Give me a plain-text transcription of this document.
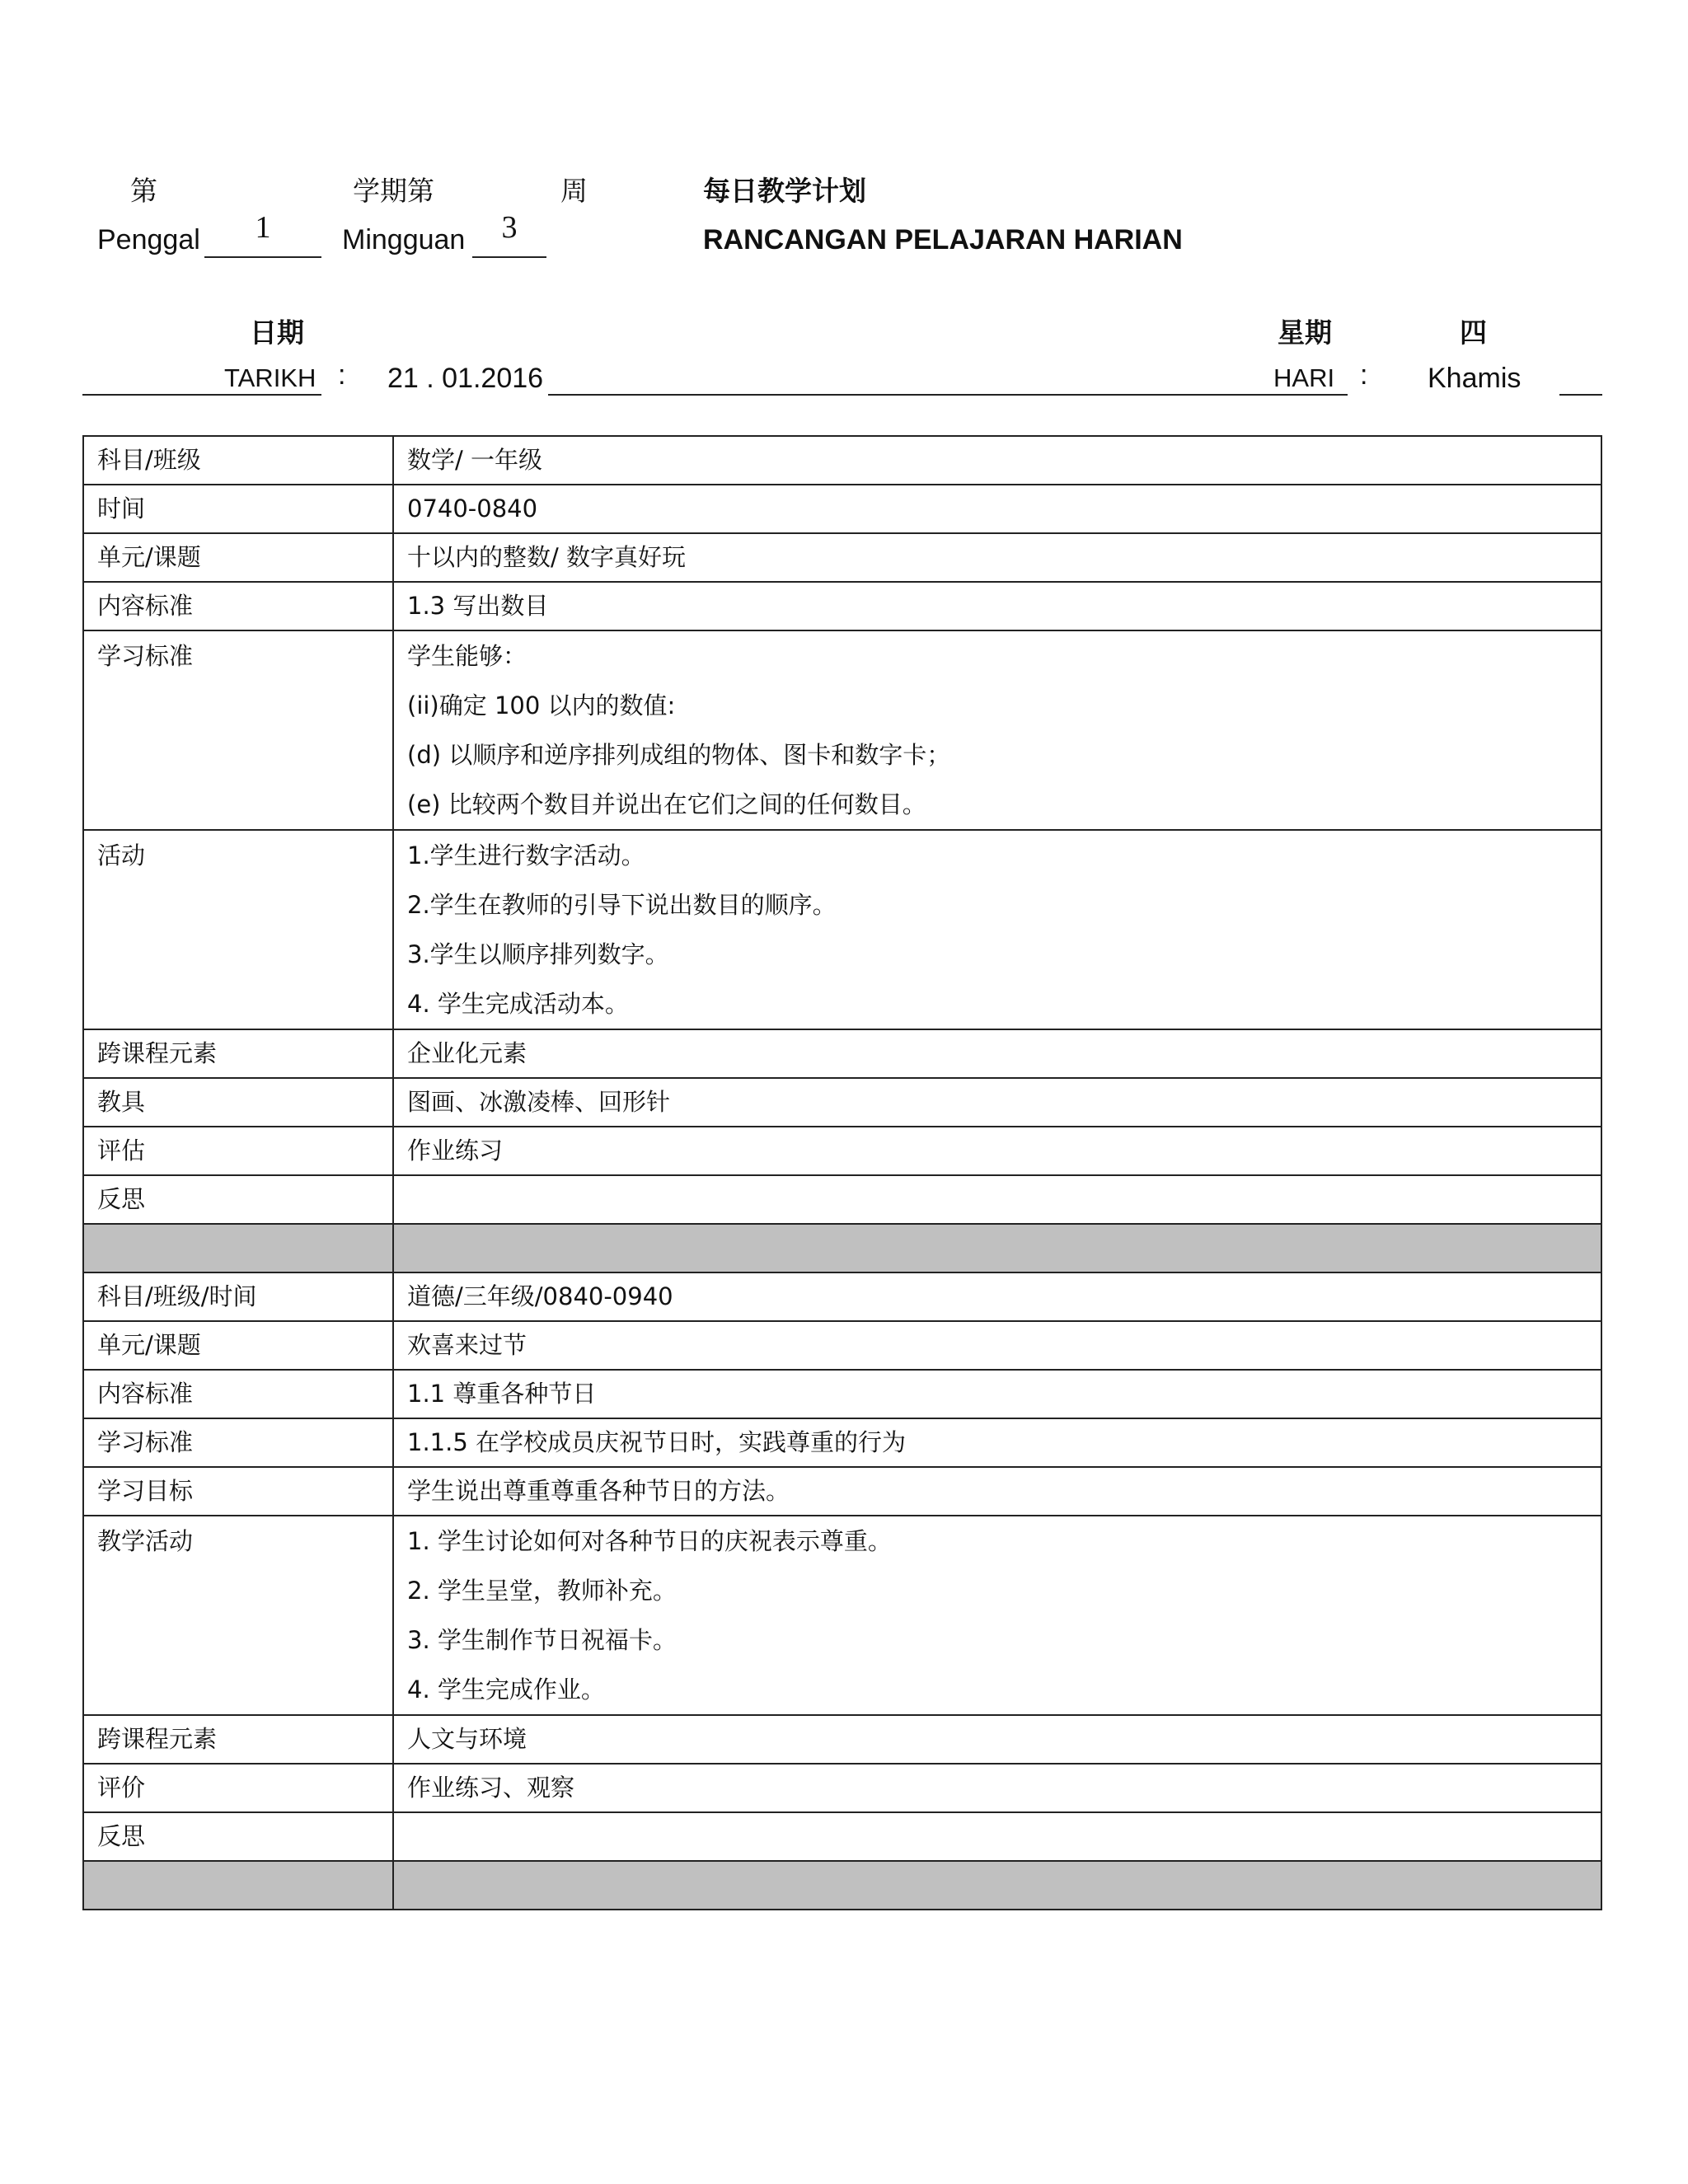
第	学期第	周	每日教学计划
Penggal	1	Mingguan	3	RANCANGAN PELAJARAN HARIAN
日期	星期	四
TARIKH : 21 . 01.2016	HARI : Khamis
科目/班级	数学/ 一年级
时间	0740-0840
单元/课题	十以内的整数/ 数字真好玩
内容标准	1.3 写出数目

学习标准	学生能够：
(ii)确定 100 以内的数值:
(d) 以顺序和逆序排列成组的物体、图卡和数字卡；
(e) 比较两个数目并说出在它们之间的任何数目。

活动	1.学生进行数字活动。
2.学生在教师的引导下说出数目的顺序。
3.学生以顺序排列数字。
4. 学生完成活动本。

跨课程元素	企业化元素
教具	图画、冰激凌棒、回形针
评估	作业练习
反思	

科目/班级/时间	道德/三年级/0840-0940
单元/课题	欢喜来过节
内容标准	1.1 尊重各种节日
学习标准	1.1.5 在学校成员庆祝节日时，实践尊重的行为
学习目标	学生说出尊重尊重各种节日的方法。

教学活动	1. 学生讨论如何对各种节日的庆祝表示尊重。
2. 学生呈堂，教师补充。
3. 学生制作节日祝福卡。
4. 学生完成作业。

跨课程元素	人文与环境
评价	作业练习、观察
反思	
